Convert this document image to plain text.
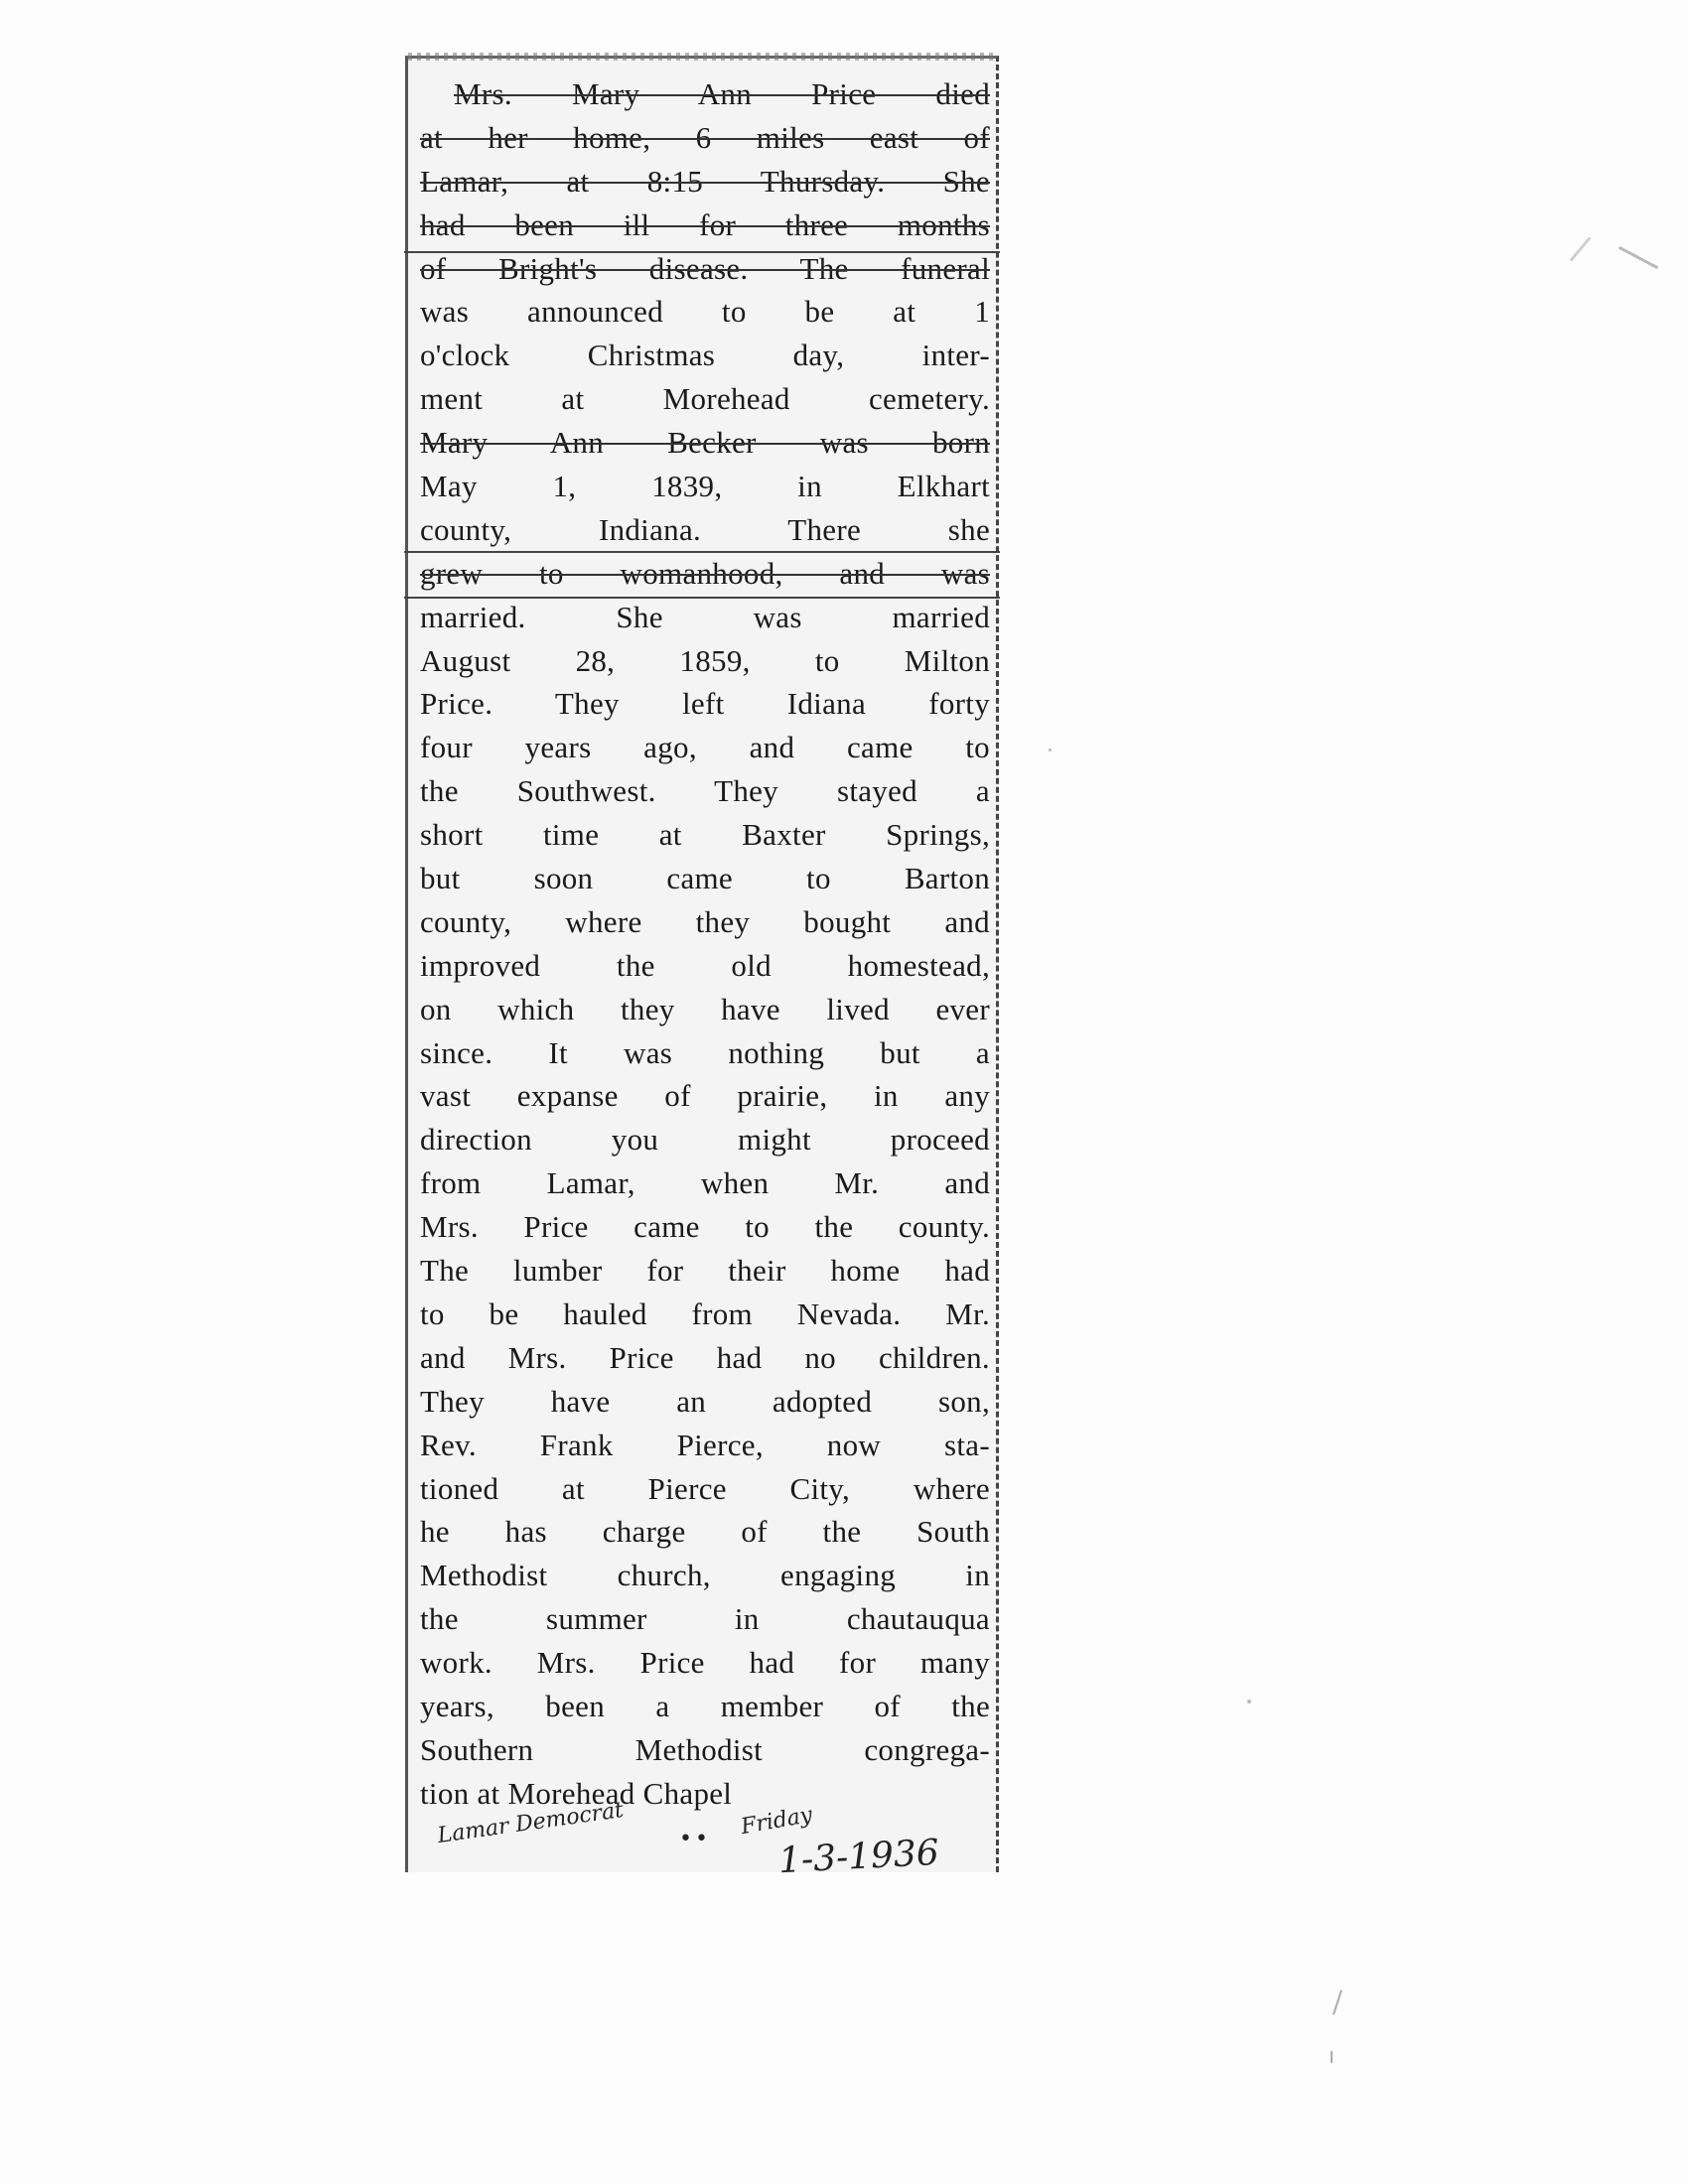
Mrs. Mary Ann Price died
at her home, 6 miles east of
Lamar, at 8:15 Thursday. She
had been ill for three months
of Bright's disease. The funeral
was announced to be at 1
o'clock Christmas day, inter-
ment at Morehead cemetery.
Mary Ann Becker was born
May 1, 1839, in Elkhart
county, Indiana. There she
grew to womanhood, and was
married. She was married
August 28, 1859, to Milton
Price. They left Idiana forty
four years ago, and came to
the Southwest. They stayed a
short time at Baxter Springs,
but soon came to Barton
county, where they bought and
improved the old homestead,
on which they have lived ever
since. It was nothing but a
vast expanse of prairie, in any
direction you might proceed
from Lamar, when Mr. and
Mrs. Price came to the county.
The lumber for their home had
to be hauled from Nevada. Mr.
and Mrs. Price had no children.
They have an adopted son,
Rev. Frank Pierce, now sta-
tioned at Pierce City, where
he has charge of the South
Methodist church, engaging in
the summer in chautauqua
work. Mrs. Price had for many
years, been a member of the
Southern Methodist congrega-
tion at Morehead Chapel
Lamar Democrat •• Friday
1-3-1936
